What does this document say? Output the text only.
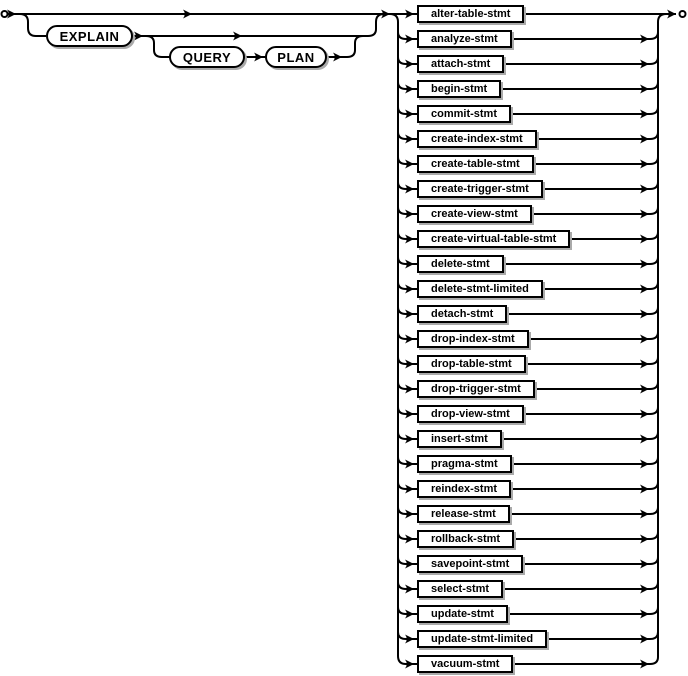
alter-table-stmt
analyze-stmt
attach-stmt
begin-stmt
commit-stmt
create-index-stmt
create-table-stmt
create-trigger-stmt
create-view-stmt
create-virtual-table-stmt
delete-stmt
delete-stmt-limited
detach-stmt
drop-index-stmt
drop-table-stmt
drop-trigger-stmt
drop-view-stmt
insert-stmt
pragma-stmt
reindex-stmt
release-stmt
rollback-stmt
savepoint-stmt
select-stmt
update-stmt
update-stmt-limited
vacuum-stmt
EXPLAIN
QUERY	PLAN
